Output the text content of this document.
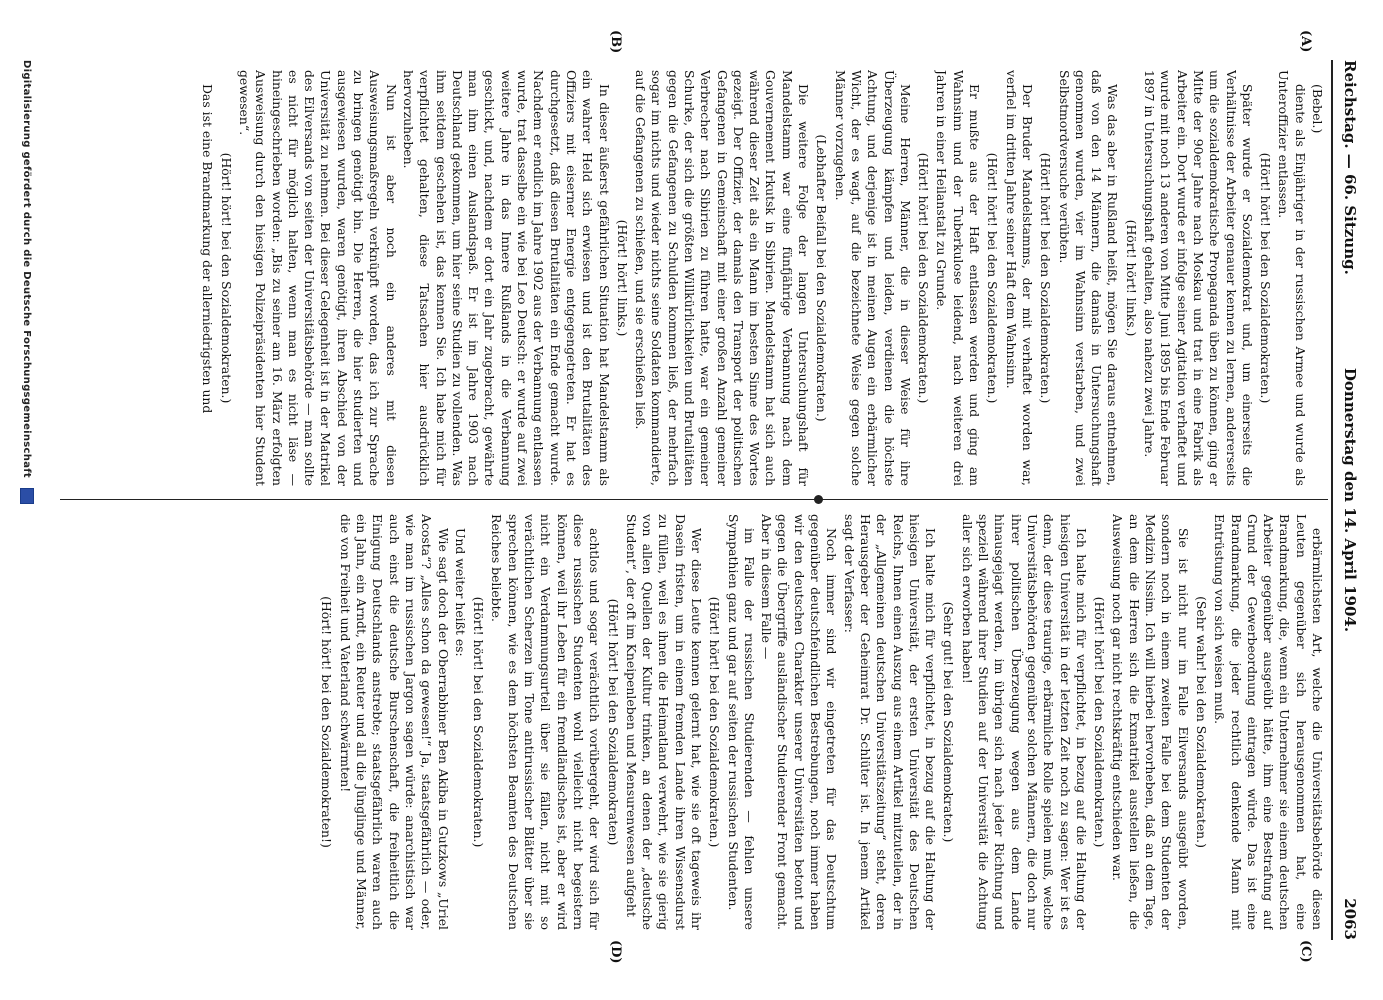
Reichstag. — 66. Sitzung.
Donnerstag den 14. April 1904.
2063
(A)
(B)
(C)
(D)

(Bebel.)

diente als Einjähriger in der russischen Armee und wurde als Unteroffizier entlassen.

(Hört! hört! bei den Sozialdemokraten.)

Später wurde er Sozialdemokrat und, um einerseits die Verhältnisse der Arbeiter genauer kennen zu lernen, andererseits um die sozialdemokratische Propaganda üben zu können, ging er Mitte der 90er Jahre nach Moskau und trat in eine Fabrik als Arbeiter ein. Dort wurde er infolge seiner Agitation verhaftet und wurde mit noch 13 anderen von Mitte Juni 1895 bis Ende Februar 1897 in Untersuchungshaft gehalten, also nahezu zwei Jahre.

(Hört! hört! links.)

Was das aber in Rußland heißt, mögen Sie daraus entnehmen, daß von den 14 Männern, die damals in Untersuchungshaft genommen wurden, vier im Wahnsinn verstarben, und zwei Selbstmordversuche verübten.

(Hört! hört! bei den Sozialdemokraten.)

Der Bruder Mandelstamms, der mit verhaftet worden war, verfiel im dritten Jahre seiner Haft dem Wahnsinn.

(Hört! hört! bei den Sozialdemokraten.)

Er mußte aus der Haft entlassen werden und ging am Wahnsinn und der Tuberkulose leidend, nach weiteren drei Jahren in einer Heilanstalt zu Grunde.

(Hört! hört! bei den Sozialdemokraten.)

Meine Herren, Männer, die in dieser Weise für ihre Überzeugung kämpfen und leiden, verdienen die höchste Achtung, und derjenige ist in meinen Augen ein erbärmlicher Wicht, der es wagt, auf die bezeichnete Weise gegen solche Männer vorzugehen.

(Lebhafter Beifall bei den Sozialdemokraten.)

Die weitere Folge der langen Untersuchungshaft für Mandelstamm war eine fünfjährige Verbannung nach dem Gouvernement Irkutsk in Sibirien. Mandelstamm hat sich auch während dieser Zeit als ein Mann im besten Sinne des Wortes gezeigt. Der Offizier, der damals den Transport der politischen Gefangenen in Gemeinschaft mit einer großen Anzahl gemeiner Verbrecher nach Sibirien zu führen hatte, war ein gemeiner Schurke, der sich die größten Willkürlichkeiten und Brutalitäten gegen die Gefangenen zu Schulden kommen ließ, der mehrfach sogar im nichts und wieder nichts seine Soldaten kommandierte, auf die Gefangenen zu schießen, und sie erschießen ließ.

(Hört! hört! links.)

In dieser äußerst gefährlichen Situation hat Mandelstamm als ein wahrer Held sich erwiesen und ist den Brutalitäten des Offiziers mit eiserner Energie entgegengetreten. Er hat es durchgesetzt, daß diesen Brutalitäten ein Ende gemacht wurde. Nachdem er endlich im Jahre 1902 aus der Verbannung entlassen wurde, trat dasselbe ein wie bei Leo Deutsch: er wurde auf zwei weitere Jahre in das Innere Rußlands in die Verbannung geschickt, und, nachdem er dort ein Jahr zugebracht, gewährte man ihm einen Auslandspaß. Er ist im Jahre 1903 nach Deutschland gekommen, um hier seine Studien zu vollenden. Was ihm seitdem geschehen ist, das kennen Sie. Ich habe mich für verpflichtet gehalten, diese Tatsachen hier ausdrücklich hervorzuheben.

Nun ist aber noch ein anderes mit diesen Ausweisungsmaßregeln verknüpft worden, das ich zur Sprache zu bringen genötigt bin. Die Herren, die hier studierten und ausgewiesen wurden, waren genötigt, ihren Abschied von der Universität zu nehmen. Bei dieser Gelegenheit ist in der Matrikel des Eilversands von seiten der Universitätsbehörde — man sollte es nicht für möglich halten, wenn man es nicht läse — hineingeschrieben worden: „Bis zu seiner am 16. März erfolgten Ausweisung durch den hiesigen Polizeipräsidenten hier Student gewesen“.

(Hört! hört! bei den Sozialdemokraten.)

Das ist eine Brandmarkung der allerniedrigsten und

erbärmlichsten Art, welche die Universitätsbehörde diesen Leuten gegenüber sich herausgenommen hat, eine Brandmarkung, die, wenn ein Unternehmer sie einem deutschen Arbeiter gegenüber ausgeübt hätte, ihm eine Bestrafung auf Grund der Gewerbeordnung eintragen würde. Das ist eine Brandmarkung, die jeder rechtlich denkende Mann mit Entrüstung von sich weisen muß.

(Sehr wahr! bei den Sozialdemokraten.)

Sie ist nicht nur im Falle Eilversands ausgeübt worden, sondern noch in einem zweiten Falle bei dem Studenten der Medizin Nissim. Ich will hierbei hervorheben, daß an dem Tage, an dem die Herren sich die Exmatrikel ausstellen ließen, die Ausweisung noch gar nicht rechtskräftig entschieden war.

(Hört! hört! bei den Sozialdemokraten.)

Ich halte mich für verpflichtet, in bezug auf die Haltung der hiesigen Universität in der letzten Zeit noch zu sagen: Wer ist es denn, der diese traurige, erbärmliche Rolle spielen muß, welche Universitätsbehörden gegenüber solchen Männern, die doch nur ihrer politischen Überzeugung wegen aus dem Lande hinausgejagt werden, im übrigen sich nach jeder Richtung und speziell während ihrer Studien auf der Universität die Achtung aller sich erworben haben!

(Sehr gut! bei den Sozialdemokraten.)

Ich halte mich für verpflichtet, in bezug auf die Haltung der hiesigen Universität, der ersten Universität des Deutschen Reichs, Ihnen einen Auszug aus einem Artikel mitzuteilen, der in der „Allgemeinen deutschen Universitätszeitung“ steht, deren Herausgeber der Geheimrat Dr. Schlüter ist. In jenem Artikel sagt der Verfasser:

Noch immer sind wir eingetreten für das Deutschtum gegenüber deutschfeindlichen Bestrebungen, noch immer haben wir den deutschen Charakter unserer Universitäten betont und gegen die Übergriffe ausländischer Studierender Front gemacht. Aber in diesem Falle —

im Falle der russischen Studierenden — fehlen unsere Sympathien ganz und gar auf seiten der russischen Studenten.

(Hört! hört! bei den Sozialdemokraten.)

Wer diese Leute kennen gelernt hat, wie sie oft tageweis ihr Dasein fristen, um in einem fremden Lande ihren Wissensdurst zu füllen, weil es ihnen die Heimatland verwehrt, wie sie gierig von allen Quellen der Kultur trinken, an denen der „deutsche Student“, der oft im Kneipenleben und Mensurenwesen aufgeht

(Hört! hört! bei den Sozialdemokraten)

achtlos und sogar verächtlich vorübergeht, der wird sich für diese russischen Studenten wohl vielleicht nicht begeistern können, weil ihr Leben für ein fremdländisches ist, aber er wird nicht ein Verdammungsurteil über sie fällen, nicht mit so verächtlichen Scherzen im Tone antirussischer Blätter über sie sprechen können, wie es dem höchsten Beamten des Deutschen Reiches beliebte.

(Hört! hört! bei den Sozialdemokraten.)

Und weiter heißt es:

Wie sagt doch der Oberrabbiner Ben Akiba in Gutzkows „Uriel Acosta“? „Alles schon da gewesen!“ Ja, staatsgefährlich — oder, wie man im russischen Jargon sagen würde: anarchistisch war auch einst die deutsche Burschenschaft, die freiheitlich die Einigung Deutschlands anstrebte; staatsgefährlich waren auch ein Jahn, ein Arndt, ein Reuter und all die Jünglinge und Männer, die von Freiheit und Vaterland schwärmten!

(Hört! hört! bei den Sozialdemokraten!)

Digitalisierung gefördert durch die Deutsche Forschungsgemeinschaft
